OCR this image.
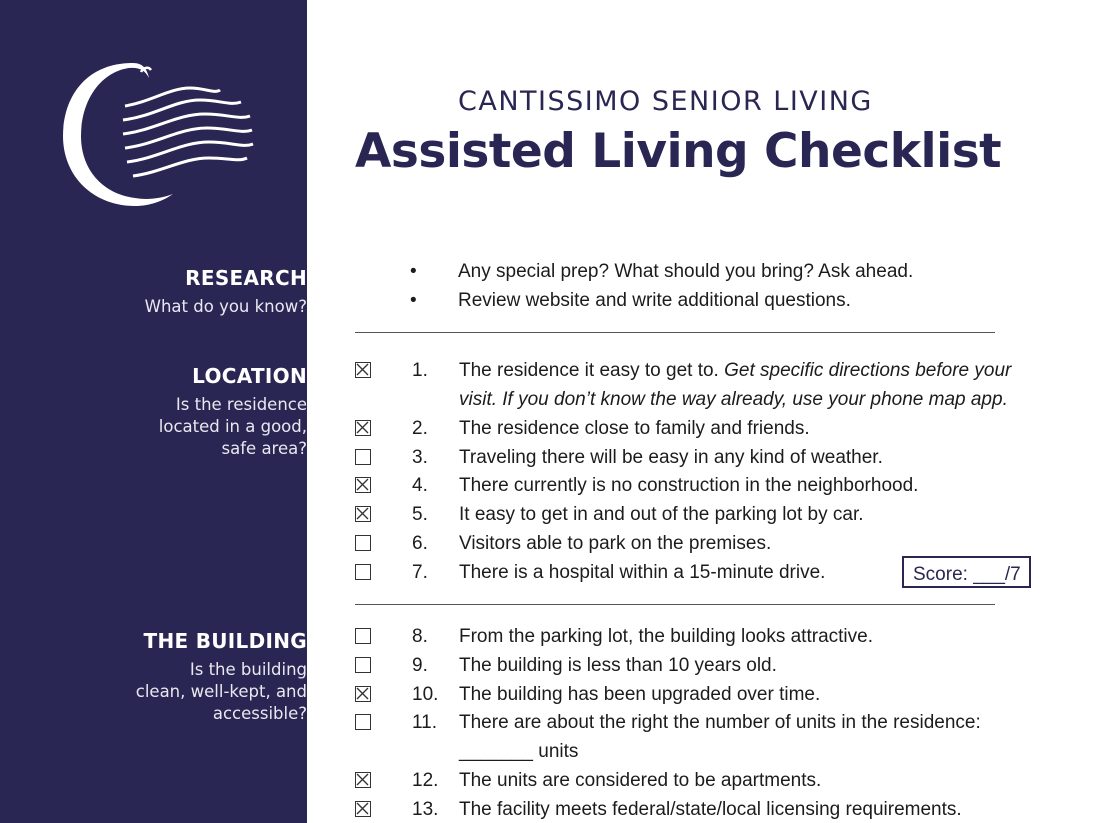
RESEARCH
What do you know?
LOCATION
Is the residence
located in a good,
safe area?
THE BUILDING
Is the building
clean, well-kept, and
accessible?
CANTISSIMO SENIOR LIVING
Assisted Living Checklist
• Any special prep? What should you bring? Ask ahead.
• Review website and write additional questions.
1. The residence it easy to get to. Get specific directions before your
visit. If you don’t know the way already, use your phone map app.
2. The residence close to family and friends.
3. Traveling there will be easy in any kind of weather.
4. There currently is no construction in the neighborhood.
5. It easy to get in and out of the parking lot by car.
6. Visitors able to park on the premises.
7. There is a hospital within a 15-minute drive.	Score: ___/7
8. From the parking lot, the building looks attractive.
9. The building is less than 10 years old.
10. The building has been upgraded over time.
11. There are about the right the number of units in the residence:
_______ units
12. The units are considered to be apartments.
13. The facility meets federal/state/local licensing requirements.
